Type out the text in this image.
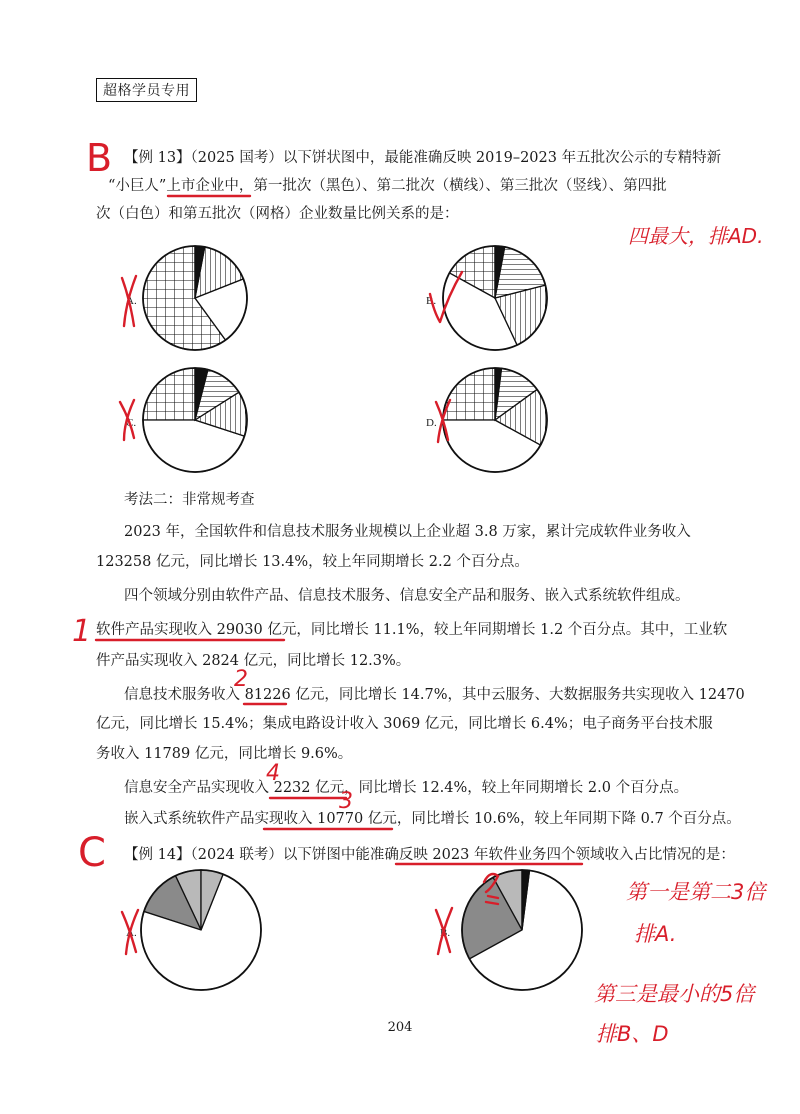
超格学员专用
【例 13】（2025 国考）以下饼状图中，最能准确反映 2019–2023 年五批次公示的专精特新
“小巨人”上市企业中，第一批次（黑色）、第二批次（横线）、第三批次（竖线）、第四批
次（白色）和第五批次（网格）企业数量比例关系的是：
A.	B.
C.	D.
考法二：非常规考查
2023 年，全国软件和信息技术服务业规模以上企业超 3.8 万家，累计完成软件业务收入
123258 亿元，同比增长 13.4%，较上年同期增长 2.2 个百分点。
四个领域分别由软件产品、信息技术服务、信息安全产品和服务、嵌入式系统软件组成。
软件产品实现收入 29030 亿元，同比增长 11.1%，较上年同期增长 1.2 个百分点。其中，工业软
件产品实现收入 2824 亿元，同比增长 12.3%。
信息技术服务收入 81226 亿元，同比增长 14.7%，其中云服务、大数据服务共实现收入 12470
亿元，同比增长 15.4%；集成电路设计收入 3069 亿元，同比增长 6.4%；电子商务平台技术服
务收入 11789 亿元，同比增长 9.6%。
信息安全产品实现收入 2232 亿元，同比增长 12.4%，较上年同期增长 2.0 个百分点。
嵌入式系统软件产品实现收入 10770 亿元，同比增长 10.6%，较上年同期下降 0.7 个百分点。
【例 14】（2024 联考）以下饼图中能准确反映 2023 年软件业务四个领域收入占比情况的是：
A.	B.
204
B
四最大，排AD.
C
1
2
3
4
第一是第二3倍
排A.
第三是最小的5倍
排B、D
